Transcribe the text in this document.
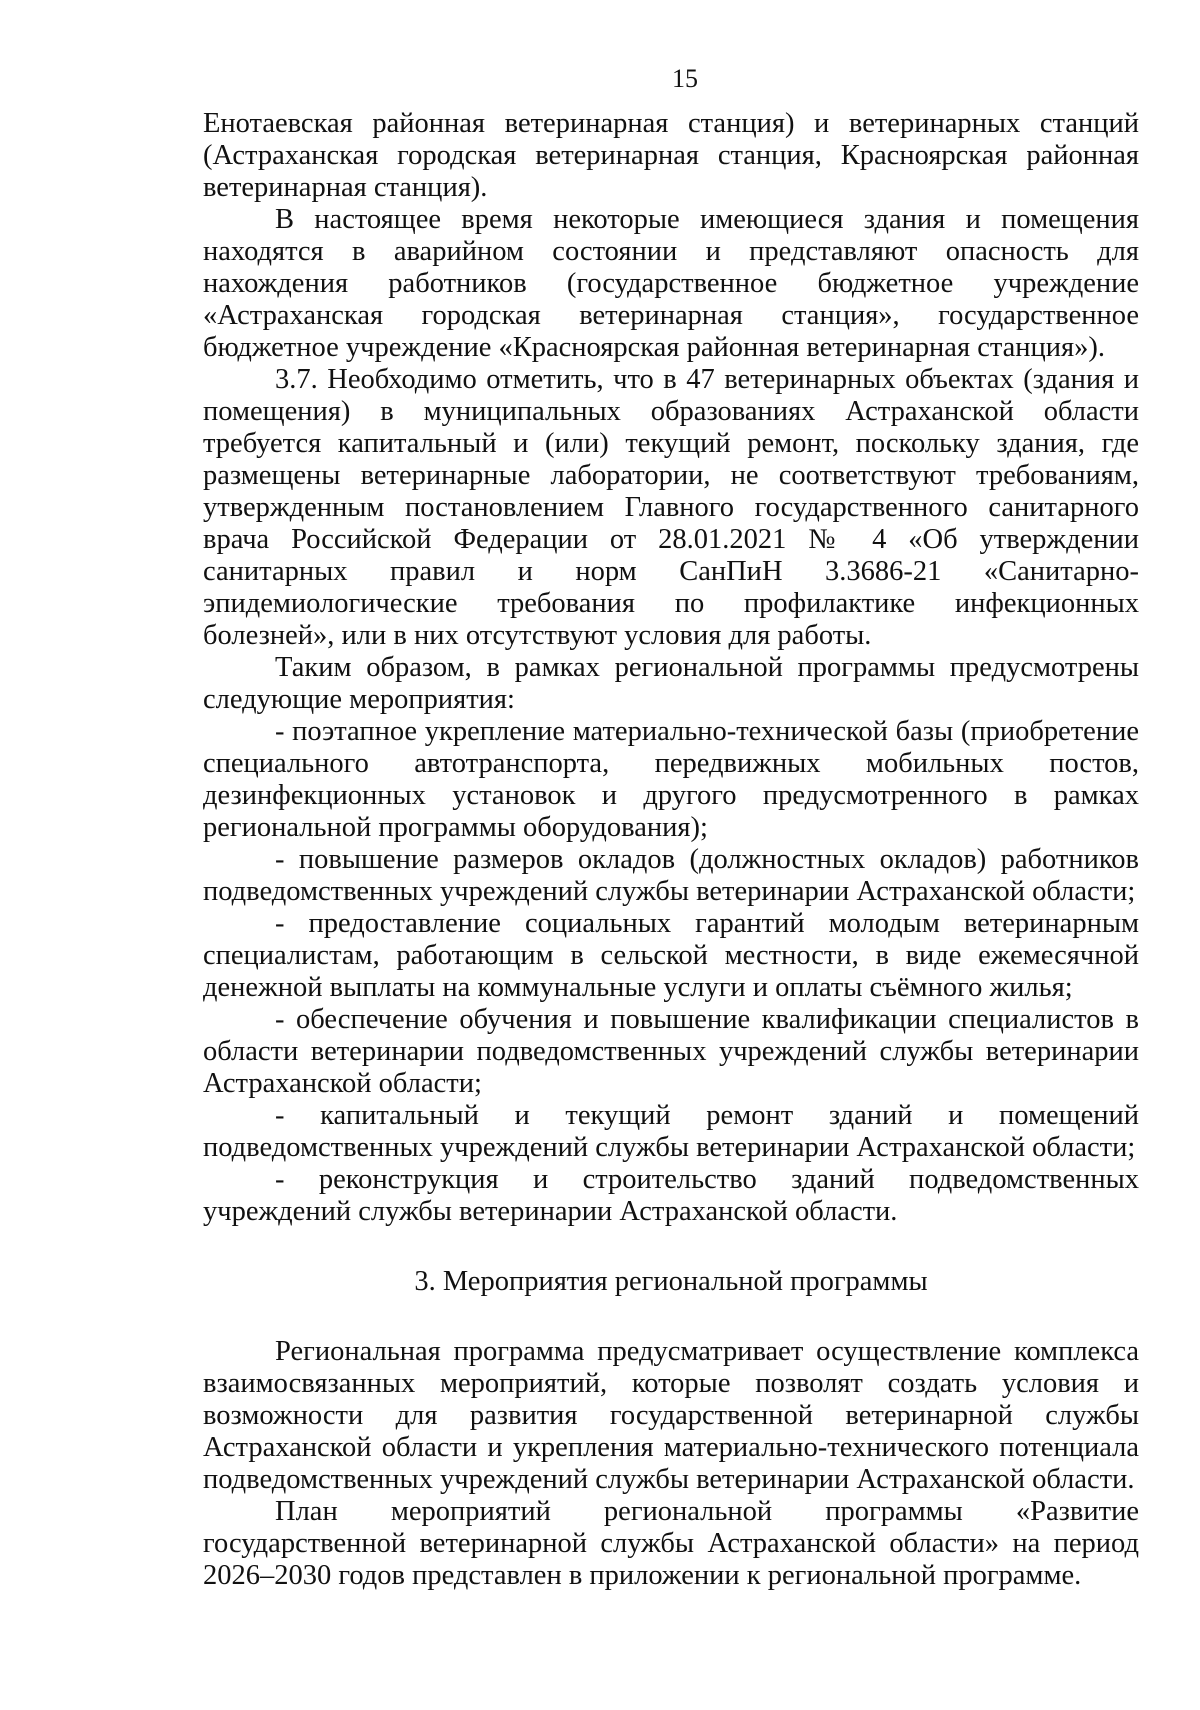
15

Енотаевская районная ветеринарная станция) и ветеринарных станций (Астраханская городская ветеринарная станция, Красноярская районная ветеринарная станция).

В настоящее время некоторые имеющиеся здания и помещения находятся в аварийном состоянии и представляют опасность для нахождения работников (государственное бюджетное учреждение «Астраханская городская ветеринарная станция», государственное бюджетное учреждение «Красноярская районная ветеринарная станция»).

3.7. Необходимо отметить, что в 47 ветеринарных объектах (здания и помещения) в муниципальных образованиях Астраханской области требуется капитальный и (или) текущий ремонт, поскольку здания, где размещены ветеринарные лаборатории, не соответствуют требованиям, утвержденным постановлением Главного государственного санитарного врача Российской Федерации от 28.01.2021 № 4 «Об утверждении санитарных правил и норм СанПиН 3.3686-21 «Санитарно-эпидемиологические требования по профилактике инфекционных болезней», или в них отсутствуют условия для работы.

Таким образом, в рамках региональной программы предусмотрены следующие мероприятия:

- поэтапное укрепление материально-технической базы (приобретение специального автотранспорта, передвижных мобильных постов, дезинфекционных установок и другого предусмотренного в рамках региональной программы оборудования);

- повышение размеров окладов (должностных окладов) работников подведомственных учреждений службы ветеринарии Астраханской области;

- предоставление социальных гарантий молодым ветеринарным специалистам, работающим в сельской местности, в виде ежемесячной денежной выплаты на коммунальные услуги и оплаты съёмного жилья;

- обеспечение обучения и повышение квалификации специалистов в области ветеринарии подведомственных учреждений службы ветеринарии Астраханской области;

- капитальный и текущий ремонт зданий и помещений подведомственных учреждений службы ветеринарии Астраханской области;

- реконструкция и строительство зданий подведомственных учреждений службы ветеринарии Астраханской области.

3. Мероприятия региональной программы

Региональная программа предусматривает осуществление комплекса взаимосвязанных мероприятий, которые позволят создать условия и возможности для развития государственной ветеринарной службы Астраханской области и укрепления материально-технического потенциала подведомственных учреждений службы ветеринарии Астраханской области.

План мероприятий региональной программы «Развитие государственной ветеринарной службы Астраханской области» на период 2026–2030 годов представлен в приложении к региональной программе.
